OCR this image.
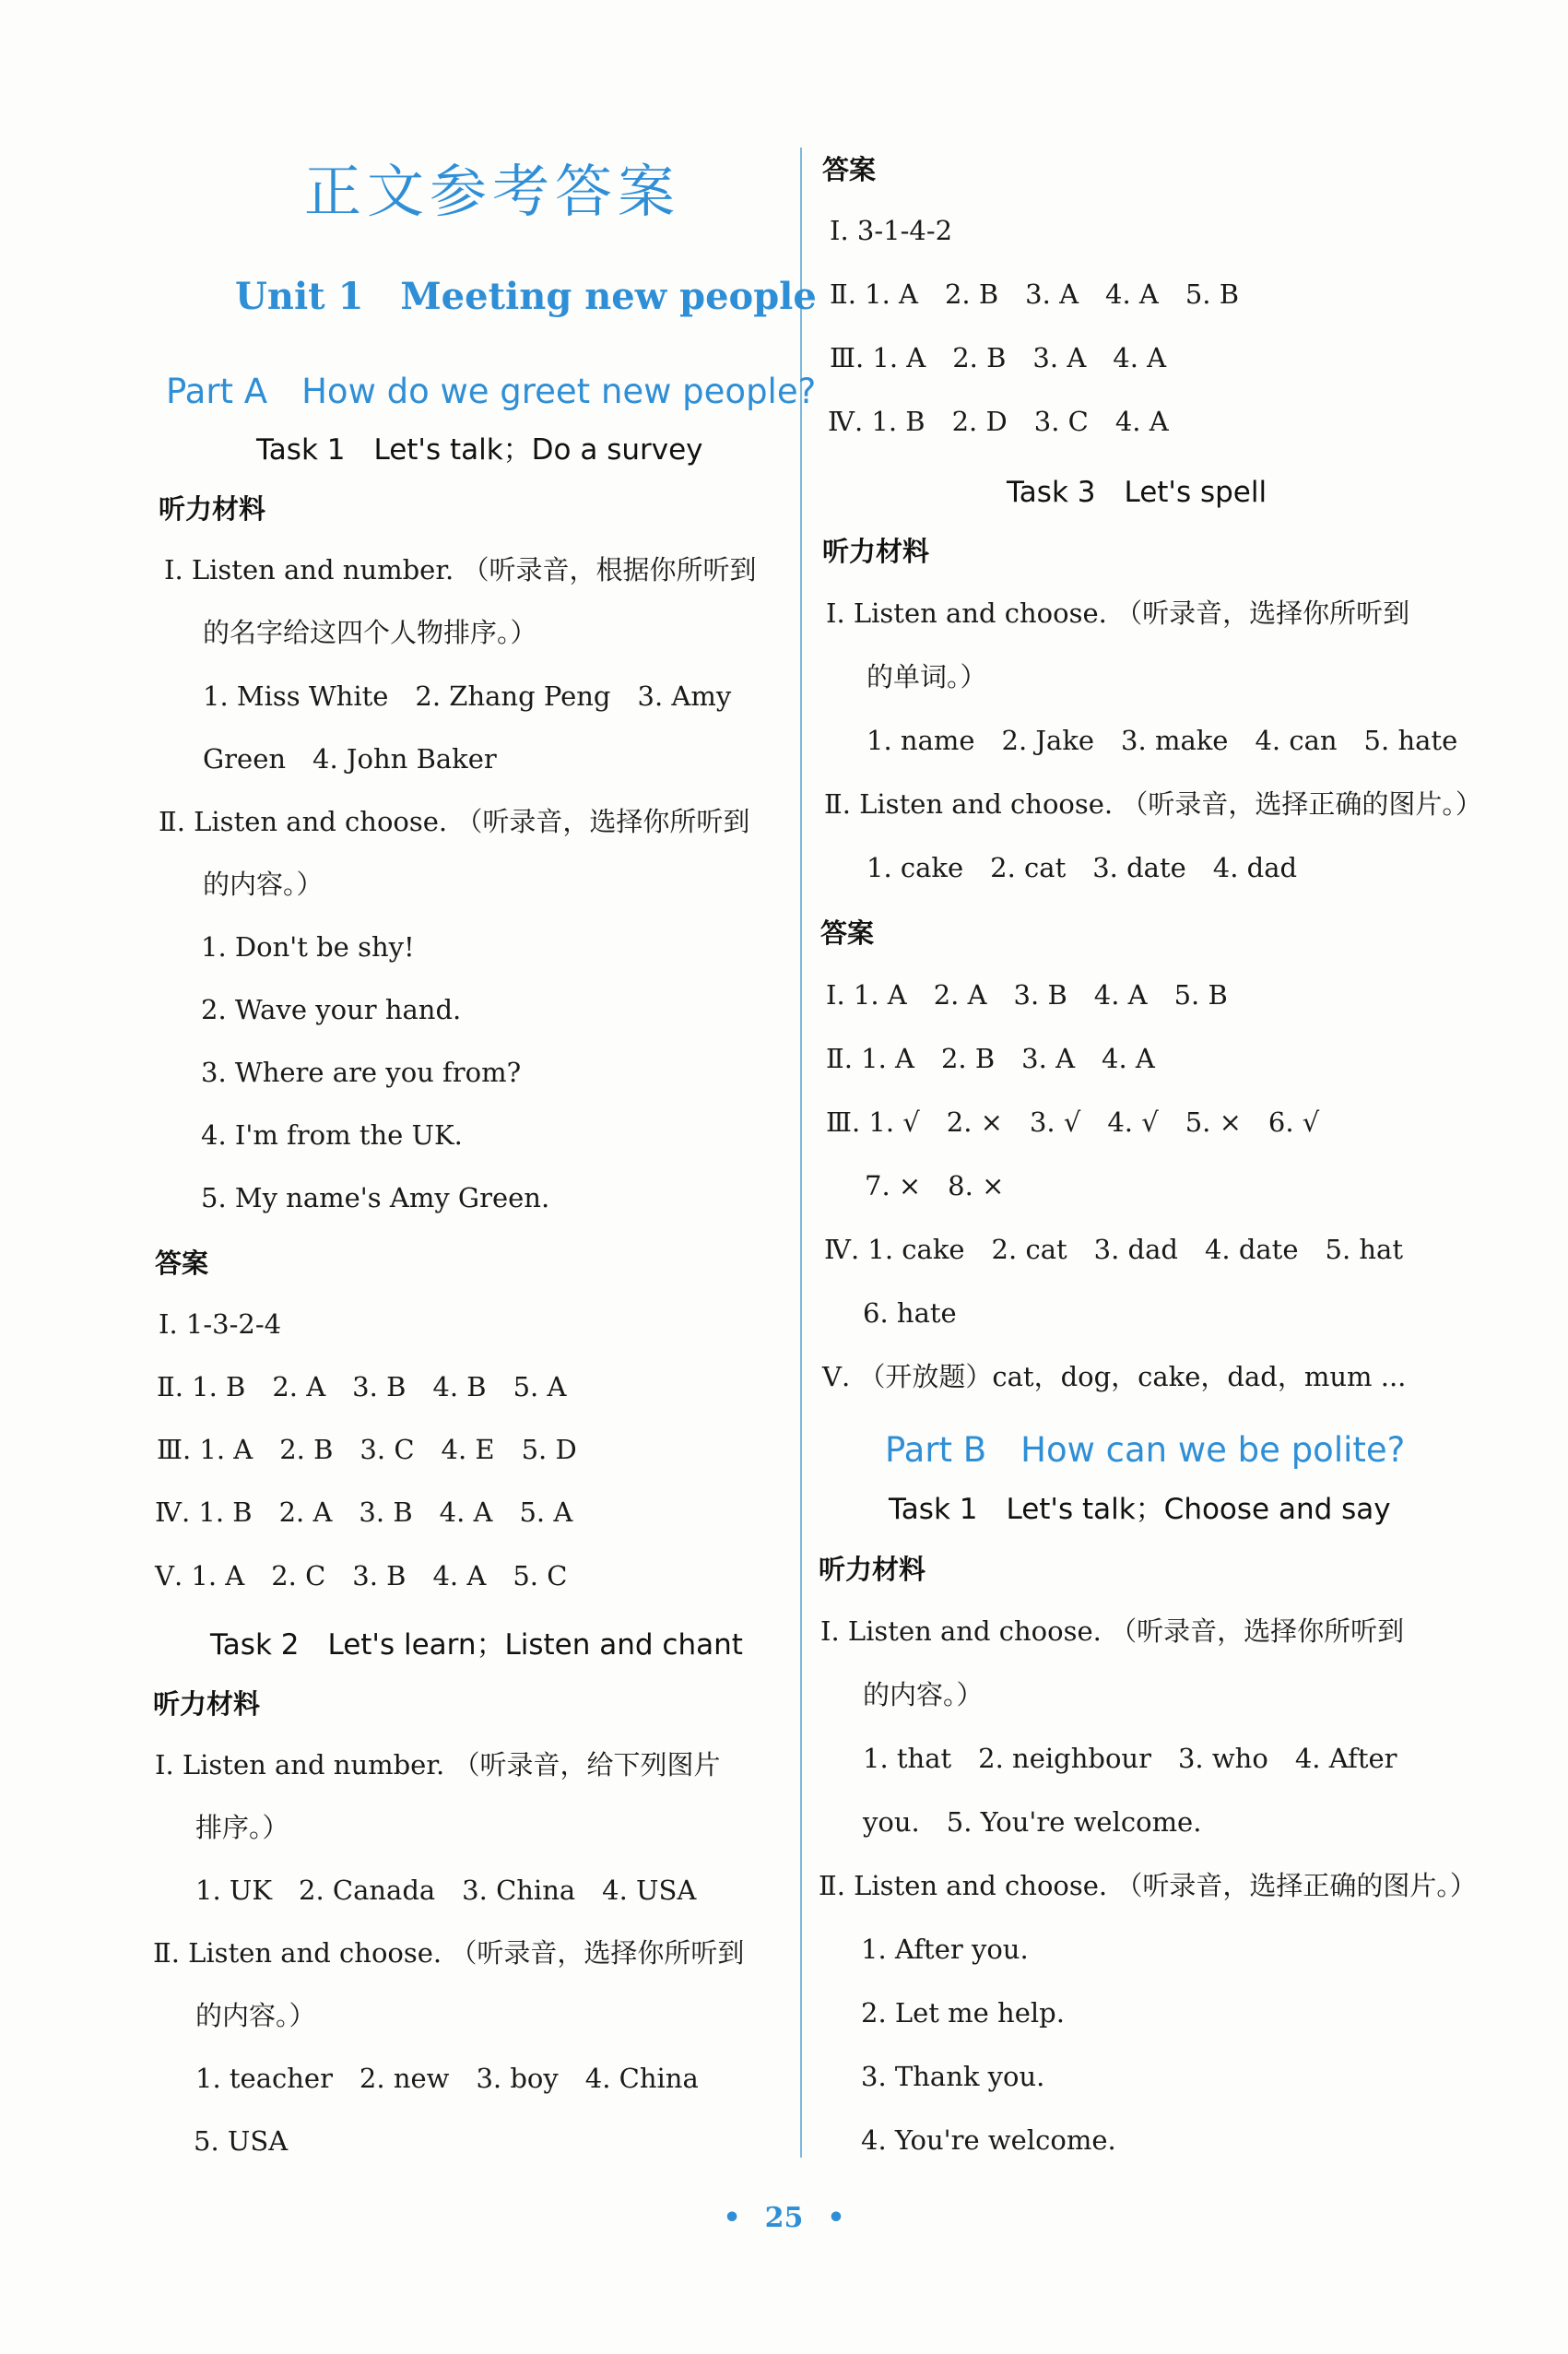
正文参考答案
Unit 1　Meeting new people
Part A　How do we greet new people?
Task 1　Let's talk；Do a survey
听力材料
Ⅰ. Listen and number. （听录音，根据你所听到
的名字给这四个人物排序。）
1. Miss White　2. Zhang Peng　3. Amy
Green　4. John Baker
Ⅱ. Listen and choose. （听录音，选择你所听到
的内容。）
1. Don't be shy!
2. Wave your hand.
3. Where are you from?
4. I'm from the UK.
5. My name's Amy Green.
答案
Ⅰ. 1-3-2-4
Ⅱ. 1. B　2. A　3. B　4. B　5. A
Ⅲ. 1. A　2. B　3. C　4. E　5. D
Ⅳ. 1. B　2. A　3. B　4. A　5. A
Ⅴ. 1. A　2. C　3. B　4. A　5. C
Task 2　Let's learn；Listen and chant
听力材料
Ⅰ. Listen and number. （听录音，给下列图片
排序。）
1. UK　2. Canada　3. China　4. USA
Ⅱ. Listen and choose. （听录音，选择你所听到
的内容。）
1. teacher　2. new　3. boy　4. China
5. USA
答案
Ⅰ. 3-1-4-2
Ⅱ. 1. A　2. B　3. A　4. A　5. B
Ⅲ. 1. A　2. B　3. A　4. A
Ⅳ. 1. B　2. D　3. C　4. A
Task 3　Let's spell
听力材料
Ⅰ. Listen and choose. （听录音，选择你所听到
的单词。）
1. name　2. Jake　3. make　4. can　5. hate
Ⅱ. Listen and choose. （听录音，选择正确的图片。）
1. cake　2. cat　3. date　4. dad
答案
Ⅰ. 1. A　2. A　3. B　4. A　5. B
Ⅱ. 1. A　2. B　3. A　4. A
Ⅲ. 1. √　2. ×　3. √　4. √　5. ×　6. √
7. ×　8. ×
Ⅳ. 1. cake　2. cat　3. dad　4. date　5. hat
6. hate
Ⅴ. （开放题）cat，dog，cake，dad，mum ...
Part B　How can we be polite?
Task 1　Let's talk；Choose and say
听力材料
Ⅰ. Listen and choose. （听录音，选择你所听到
的内容。）
1. that　2. neighbour　3. who　4. After
you.　5. You're welcome.
Ⅱ. Listen and choose. （听录音，选择正确的图片。）
1. After you.
2. Let me help.
3. Thank you.
4. You're welcome.
• 25 •
